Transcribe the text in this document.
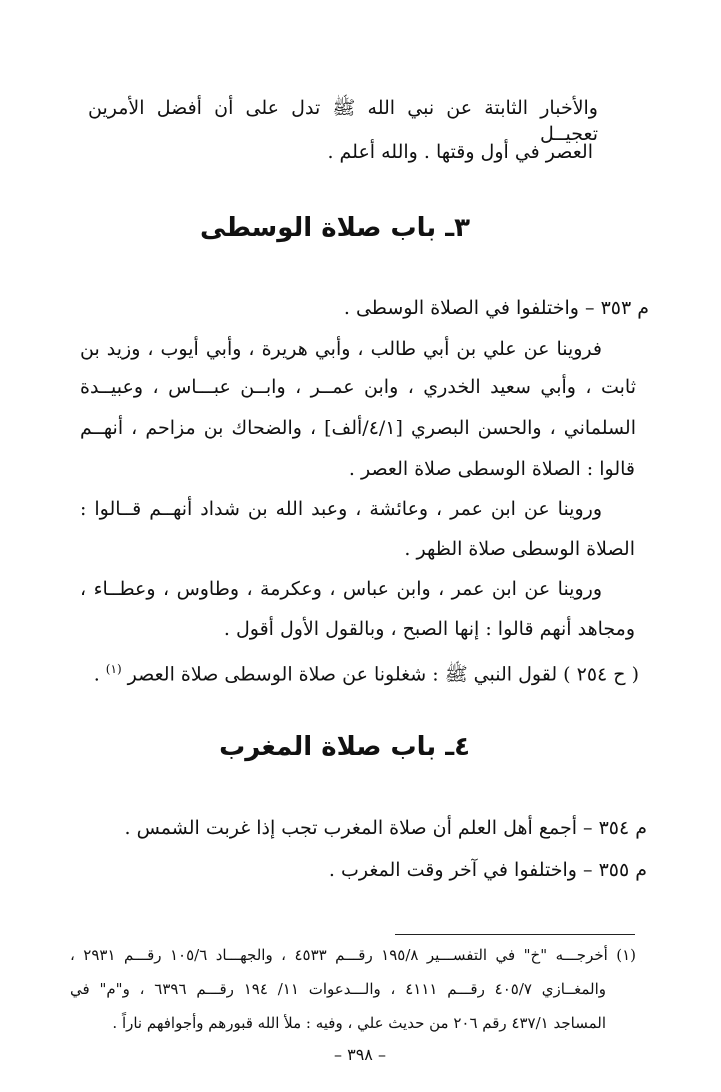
والأخبار الثابتة عن نبي الله ﷺ تدل على أن أفضل الأمرين تعجيــل
العصر في أول وقتها . والله أعلم .
٣ـ باب صلاة الوسطى
م ٣٥٣ – واختلفوا في الصلاة الوسطى .
فروينا عن علي بن أبي طالب ، وأبي هريرة ، وأبي أيوب ، وزيد بن
ثابت ، وأبي سعيد الخدري ، وابن عمــر ، وابــن عبـــاس ، وعبيــدة
السلماني ، والحسن البصري [٤/١/ألف] ، والضحاك بن مزاحم ، أنهــم
قالوا : الصلاة الوسطى صلاة العصر .
وروينا عن ابن عمر ، وعائشة ، وعبد الله بن شداد أنهــم قــالوا :
الصلاة الوسطى صلاة الظهر .
وروينا عن ابن عمر ، وابن عباس ، وعكرمة ، وطاوس ، وعطــاء ،
ومجاهد أنهم قالوا : إنها الصبح ، وبالقول الأول أقول .
( ح ٢٥٤ ) لقول النبي ﷺ : شغلونا عن صلاة الوسطى صلاة العصر $^{(١)}$ .
٤ـ باب صلاة المغرب
م ٣٥٤ – أجمع أهل العلم أن صلاة المغرب تجب إذا غربت الشمس .
م ٣٥٥ – واختلفوا في آخر وقت المغرب .
(١) أخرجـــه "خ" في التفســـير ١٩٥/٨ رقـــم ٤٥٣٣ ، والجهـــاد ١٠٥/٦ رقـــم ٢٩٣١ ،
والمغــازي ٤٠٥/٧ رقـــم ٤١١١ ، والـــدعوات ١١/ ١٩٤ رقـــم ٦٣٩٦ ، و"م" في
المساجد ٤٣٧/١ رقم ٢٠٦ من حديث علي ، وفيه : ملأ الله قبورهم وأجوافهم ناراً .
– ٣٩٨ –
